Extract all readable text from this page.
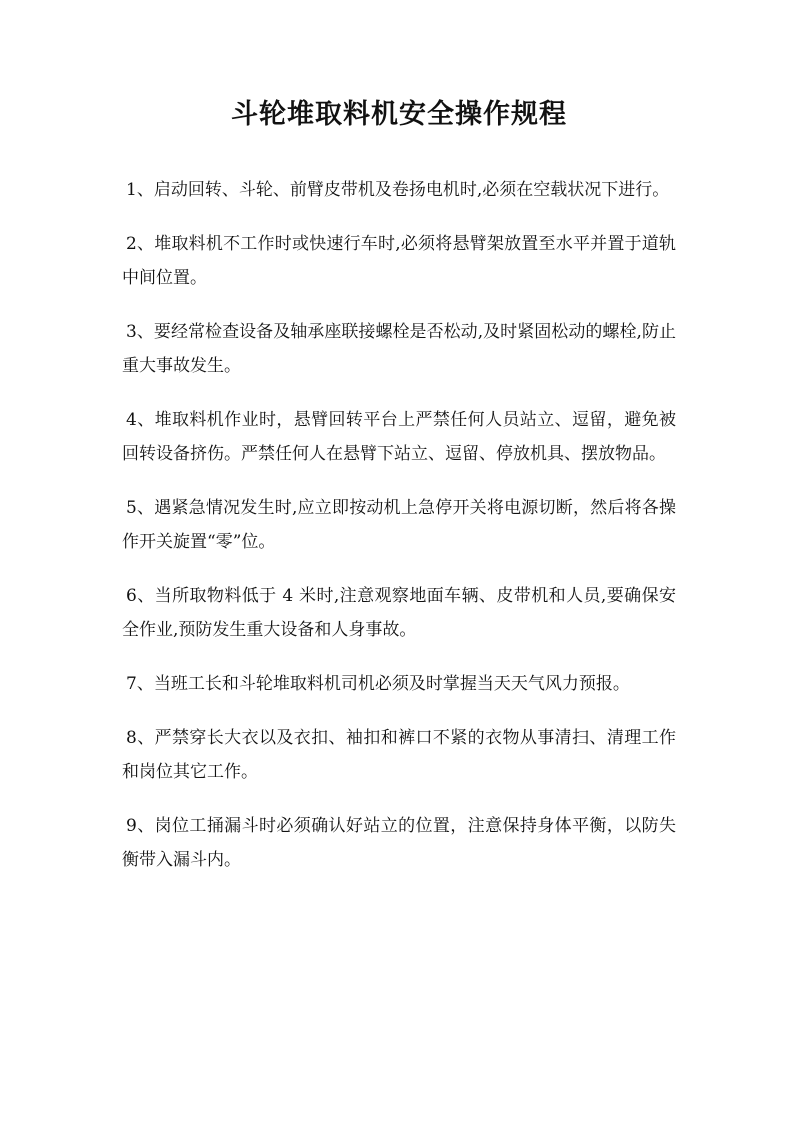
斗轮堆取料机安全操作规程
1、启动回转、斗轮、前臂皮带机及卷扬电机时,必须在空载状况下进行。
2、堆取料机不工作时或快速行车时,必须将悬臂架放置至水平并置于道轨中间位置。
3、要经常检查设备及轴承座联接螺栓是否松动,及时紧固松动的螺栓,防止重大事故发生。
4、堆取料机作业时，悬臂回转平台上严禁任何人员站立、逗留，避免被回转设备挤伤。严禁任何人在悬臂下站立、逗留、停放机具、摆放物品。
5、遇紧急情况发生时,应立即按动机上急停开关将电源切断，然后将各操作开关旋置“零”位。
6、当所取物料低于 4 米时,注意观察地面车辆、皮带机和人员,要确保安全作业,预防发生重大设备和人身事故。
7、当班工长和斗轮堆取料机司机必须及时掌握当天天气风力预报。
8、严禁穿长大衣以及衣扣、袖扣和裤口不紧的衣物从事清扫、清理工作和岗位其它工作。
9、岗位工捅漏斗时必须确认好站立的位置，注意保持身体平衡，以防失衡带入漏斗内。
